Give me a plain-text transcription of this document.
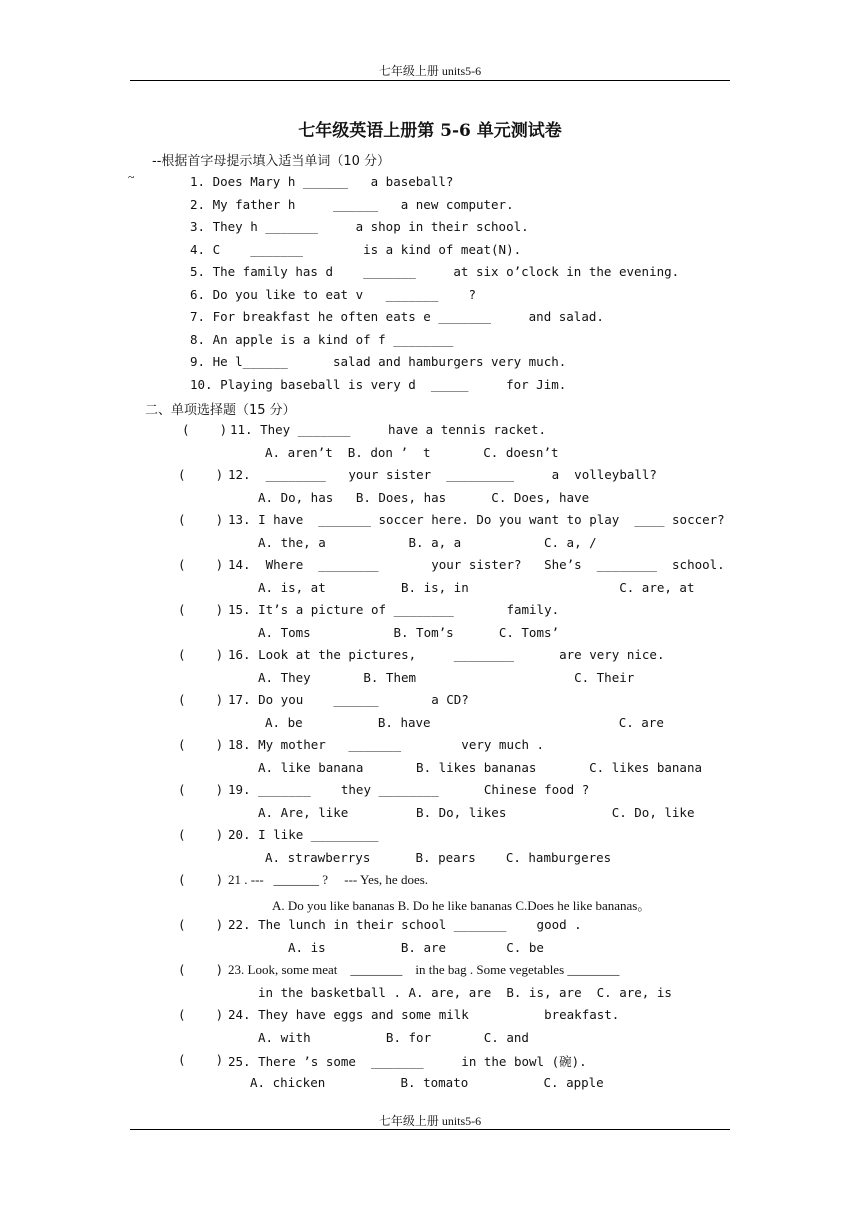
七年级上册 units5-6
七年级英语上册第 5-6 单元测试卷
--根据首字母提示填入适当单词（10 分）
~	1. Does Mary h ______   a baseball?
2. My father h     ______   a new computer.
3. They h _______     a shop in their school.
4. C    _______        is a kind of meat(N).
5. The family has d    _______     at six o’clock in the evening.
6. Do you like to eat v   _______    ?
7. For breakfast he often eats e _______     and salad.
8. An apple is a kind of f ________
9. He l______      salad and hamburgers very much.
10. Playing baseball is very d  _____     for Jim.
二、单项选择题（15 分）
(    ) 11. They _______     have a tennis racket.
A. aren’t  B. don ’  t       C. doesn’t
(    ) 12.  ________   your sister  _________     a  volleyball?
A. Do, has   B. Does, has      C. Does, have
(    ) 13. I have  _______ soccer here. Do you want to play  ____ soccer?
A. the, a           B. a, a           C. a, /
(    ) 14.  Where  ________       your sister?   She’s  ________  school.
A. is, at          B. is, in                    C. are, at
(    ) 15. It’s a picture of ________       family.
A. Toms           B. Tom’s      C. Toms’
(    ) 16. Look at the pictures,     ________      are very nice.
A. They       B. Them                     C. Their
(    ) 17. Do you    ______       a CD?
A. be          B. have                         C. are
(    ) 18. My mother   _______        very much .
A. like banana       B. likes bananas       C. likes banana
(    ) 19. _______    they ________      Chinese food ?
A. Are, like         B. Do, likes              C. Do, like
(    ) 20. I like _________
A. strawberrys      B. pears    C. hamburgeres
(    ) 21 . ---   _______ ?     --- Yes, he does.
A. Do you like bananas B. Do he like bananas C.Does he like bananas。
(    ) 22. The lunch in their school _______    good .
A. is          B. are        C. be
(    ) 23. Look, some meat    ________    in the bag . Some vegetables ________
in the basketball . A. are, are  B. is, are  C. are, is
(    ) 24. They have eggs and some milk          breakfast.
A. with          B. for       C. and
(    ) 25. There ’s some  _______     in the bowl (碗).
A. chicken          B. tomato          C. apple
七年级上册 units5-6
